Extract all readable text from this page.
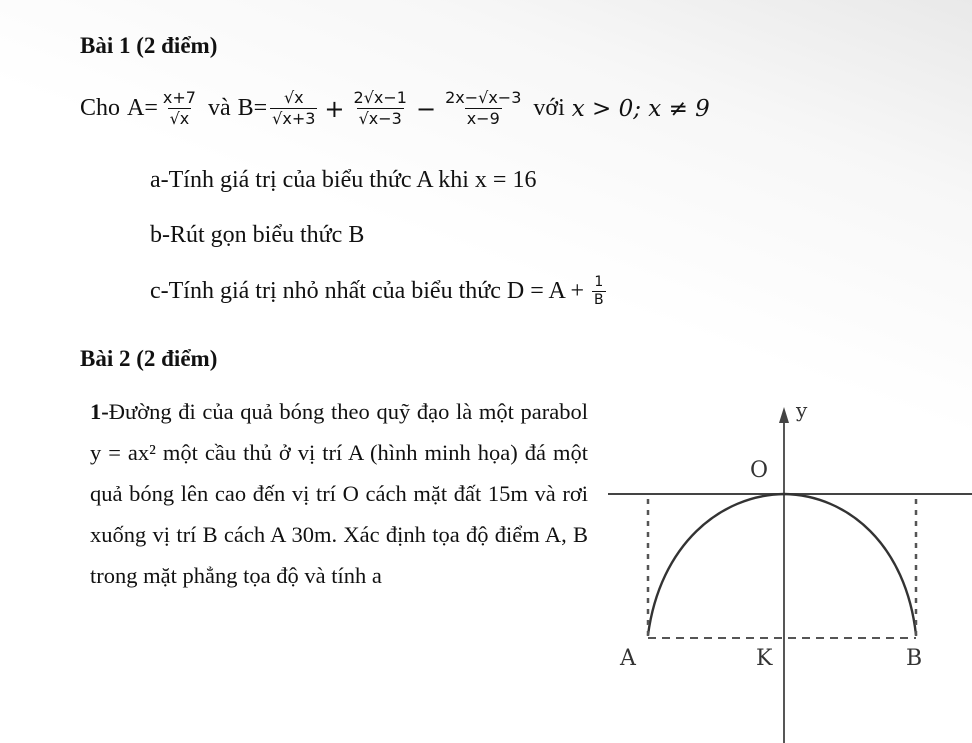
Bài 1 (2 điểm)
Cho $A= \frac{x+7}{√x}$ và $B= \frac{√x}{√x+3} + \frac{2√x-1}{√x-3} - \frac{2x-√x-3}{x-9}$ với x > 0; x ≠ 9
a-Tính giá trị của biểu thức A khi x = 16
b-Rút gọn biểu thức B
c-Tính giá trị nhỏ nhất của biểu thức $D = A + \frac{1}{B}$
Bài 2 (2 điểm)
1-Đường đi của quả bóng theo quỹ đạo là một parabol y = ax² một cầu thủ ở vị trí A (hình minh họa) đá một quả bóng lên cao đến vị trí O cách mặt đất 15m và rơi xuống vị trí B cách A 30m. Xác định tọa độ điểm A, B trong mặt phẳng tọa độ và tính a
y
O
A	K	B
